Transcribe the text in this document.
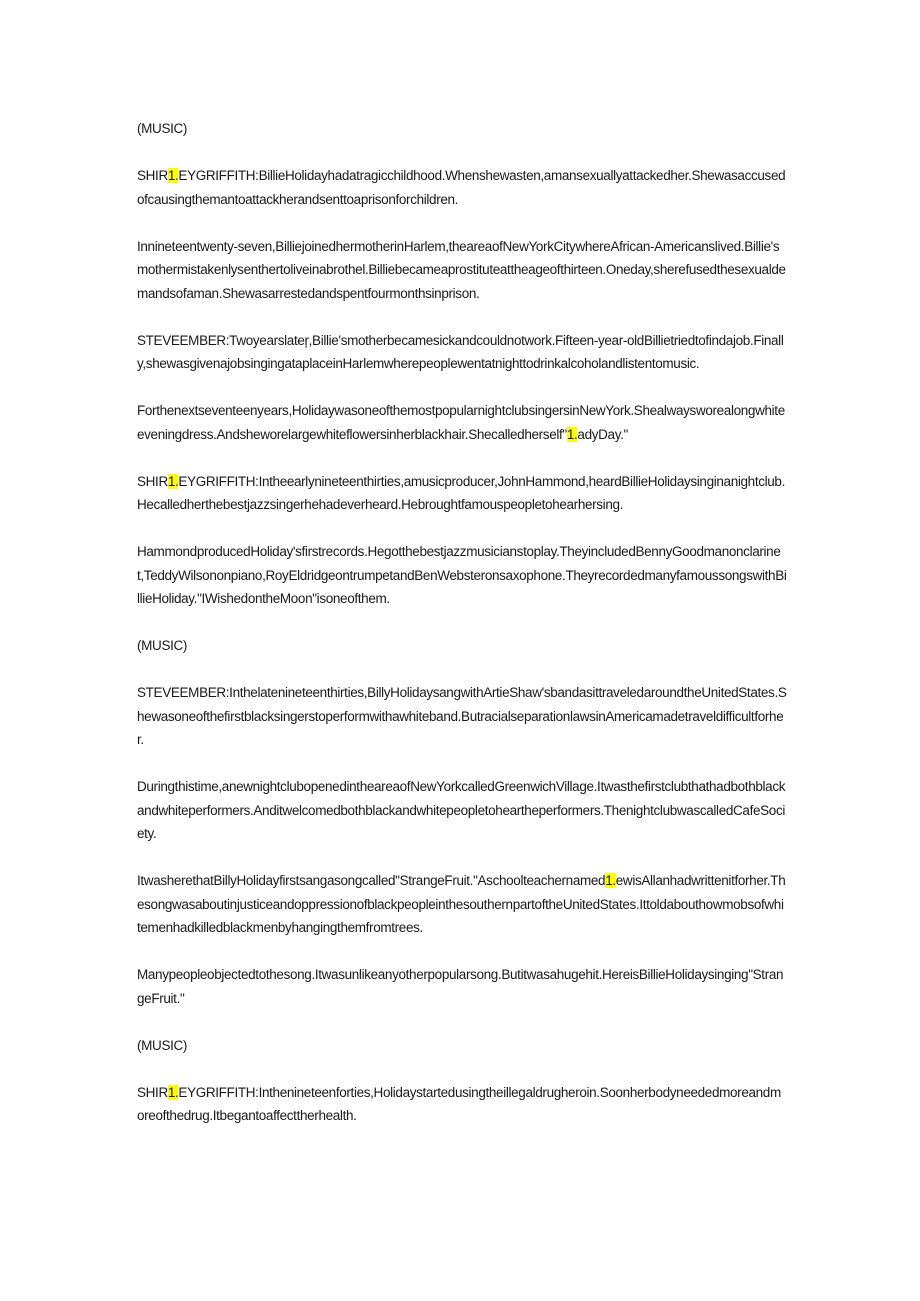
(MUSIC)

SHIR1.EYGRIFFITH:BillieHolidayhadatragicchildhood.Whenshewasten,amansexuallyattackedher.Shewasaccusedofcausingthemantoattackherandsenttoaprisonforchildren.

Innineteentwenty-seven,BilliejoinedhermotherinHarlem,theareaofNewYorkCitywhereAfrican-Americanslived.Billie'smothermistakenlysenthertoliveinabrothel.Billiebecameaprostituteattheageofthirteen.Oneday,sherefusedthesexualdemandsofaman.Shewasarrestedandspentfourmonthsinprison.

STEVEEMBER:Twoyearslateŗ,Billie'smotherbecamesickandcouldnotwork.Fifteen-year-oldBillietriedtofindajob.Finally,shewasgivenajobsingingataplaceinHarlemwherepeoplewentatnighttodrinkalcoholandlistentomusic.

Forthenextseventeenyears,HolidaywasoneofthemostpopularnightclubsingersinNewYork.Shealwaysworealongwhiteeveningdress.Andsheworelargewhiteflowersinherblackhair.Shecalledherself"1.adyDay."

SHIR1.EYGRIFFITH:Intheearlynineteenthirties,amusicproducer,JohnHammond,heardBillieHolidaysinginanightclub.Hecalledherthebestjazzsingerhehadeverheard.Hebroughtfamouspeopletohearhersing.

HammondproducedHoliday'sfirstrecords.Hegotthebestjazzmusicianstoplay.TheyincludedBennyGoodmanonclarinet,TeddyWilsononpiano,RoyEldridgeontrumpetandBenWebsteronsaxophone.TheyrecordedmanyfamoussongswithBillieHoliday."IWishedontheMoon"isoneofthem.

(MUSIC)

STEVEEMBER:Inthelatenineteenthirties,BillyHolidaysangwithArtieShaw'sbandasittraveledaroundtheUnitedStates.Shewasoneofthefirstblacksingerstoperformwithawhiteband.ButracialseparationlawsinAmericamadetraveldifficultforher.

Duringthistime,anewnightclubopenedintheareaofNewYorkcalledGreenwichVillage.Itwasthefirstclubthathadbothblackandwhiteperformers.Anditwelcomedbothblackandwhitepeopletoheartheperformers.ThenightclubwascalledCafeSociety.

ItwasherethatBillyHolidayfirstsangasongcalled"StrangeFruit."Aschoolteachernamed1.ewisAllanhadwrittenitforher.ThesongwasaboutinjusticeandoppressionofblackpeopleinthesouthernpartoftheUnitedStates.Ittoldabouthowmobsofwhitemenhadkilledblackmenbyhangingthemfromtrees.

Manypeopleobjectedtothesong.Itwasunlikeanyotherpopularsong.Butitwasahugehit.HereisBillieHolidaysinging"StrangeFruit."

(MUSIC)

SHIR1.EYGRIFFITH:Inthenineteenforties,Holidaystartedusingtheillegaldrugheroin.Soonherbodyneededmoreandmoreofthedrug.Itbegantoaffecttherhealth.
